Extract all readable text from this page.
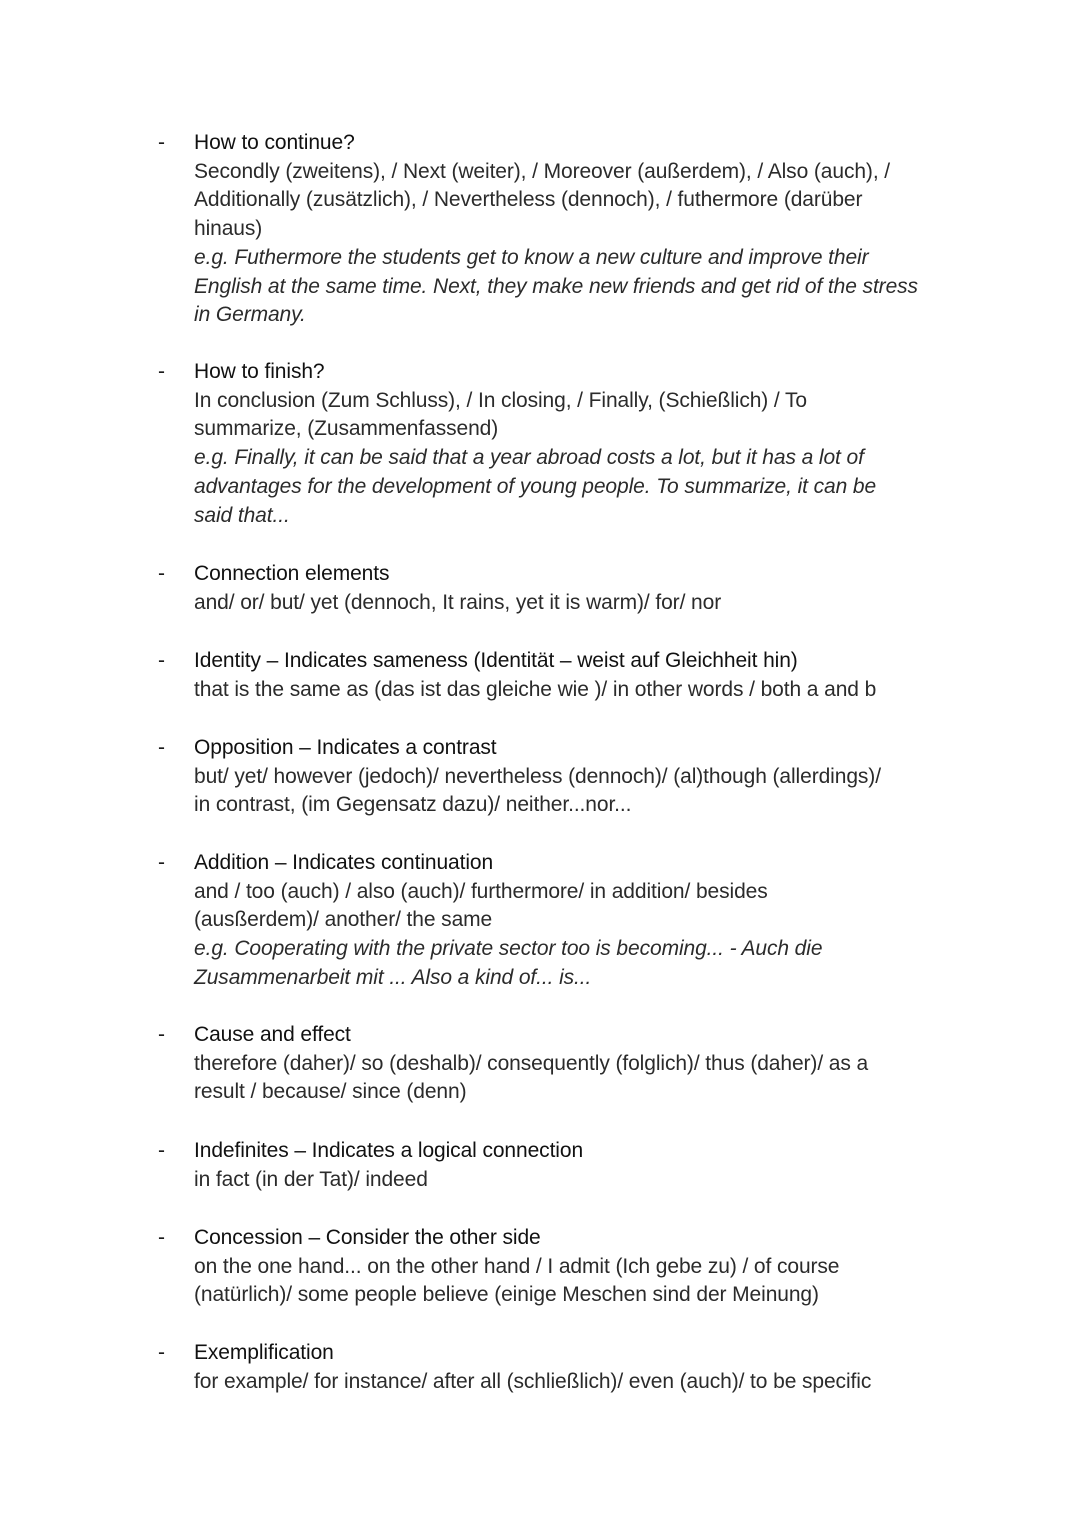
- How to continue?
Secondly (zweitens), / Next (weiter), / Moreover (außerdem), / Also (auch), /
Additionally (zusätzlich), / Nevertheless (dennoch), / futhermore (darüber
hinaus)
e.g. Futhermore the students get to know a new culture and improve their
English at the same time. Next, they make new friends and get rid of the stress
in Germany.
- How to finish?
In conclusion (Zum Schluss), / In closing, / Finally, (Schießlich) / To
summarize, (Zusammenfassend)
e.g. Finally, it can be said that a year abroad costs a lot, but it has a lot of
advantages for the development of young people. To summarize, it can be
said that...
- Connection elements
and/ or/ but/ yet (dennoch, It rains, yet it is warm)/ for/ nor
- Identity – Indicates sameness (Identität – weist auf Gleichheit hin)
that is the same as (das ist das gleiche wie )/ in other words / both a and b
- Opposition – Indicates a contrast
but/ yet/ however (jedoch)/ nevertheless (dennoch)/ (al)though (allerdings)/
in contrast, (im Gegensatz dazu)/ neither...nor...
- Addition – Indicates continuation
and / too (auch) / also (auch)/ furthermore/ in addition/ besides
(ausßerdem)/ another/ the same
e.g. Cooperating with the private sector too is becoming... - Auch die
Zusammenarbeit mit ... Also a kind of... is...
- Cause and effect
therefore (daher)/ so (deshalb)/ consequently (folglich)/ thus (daher)/ as a
result / because/ since (denn)
- Indefinites – Indicates a logical connection
in fact (in der Tat)/ indeed
- Concession – Consider the other side
on the one hand... on the other hand / I admit (Ich gebe zu) / of course
(natürlich)/ some people believe (einige Meschen sind der Meinung)
- Exemplification
for example/ for instance/ after all (schließlich)/ even (auch)/ to be specific
